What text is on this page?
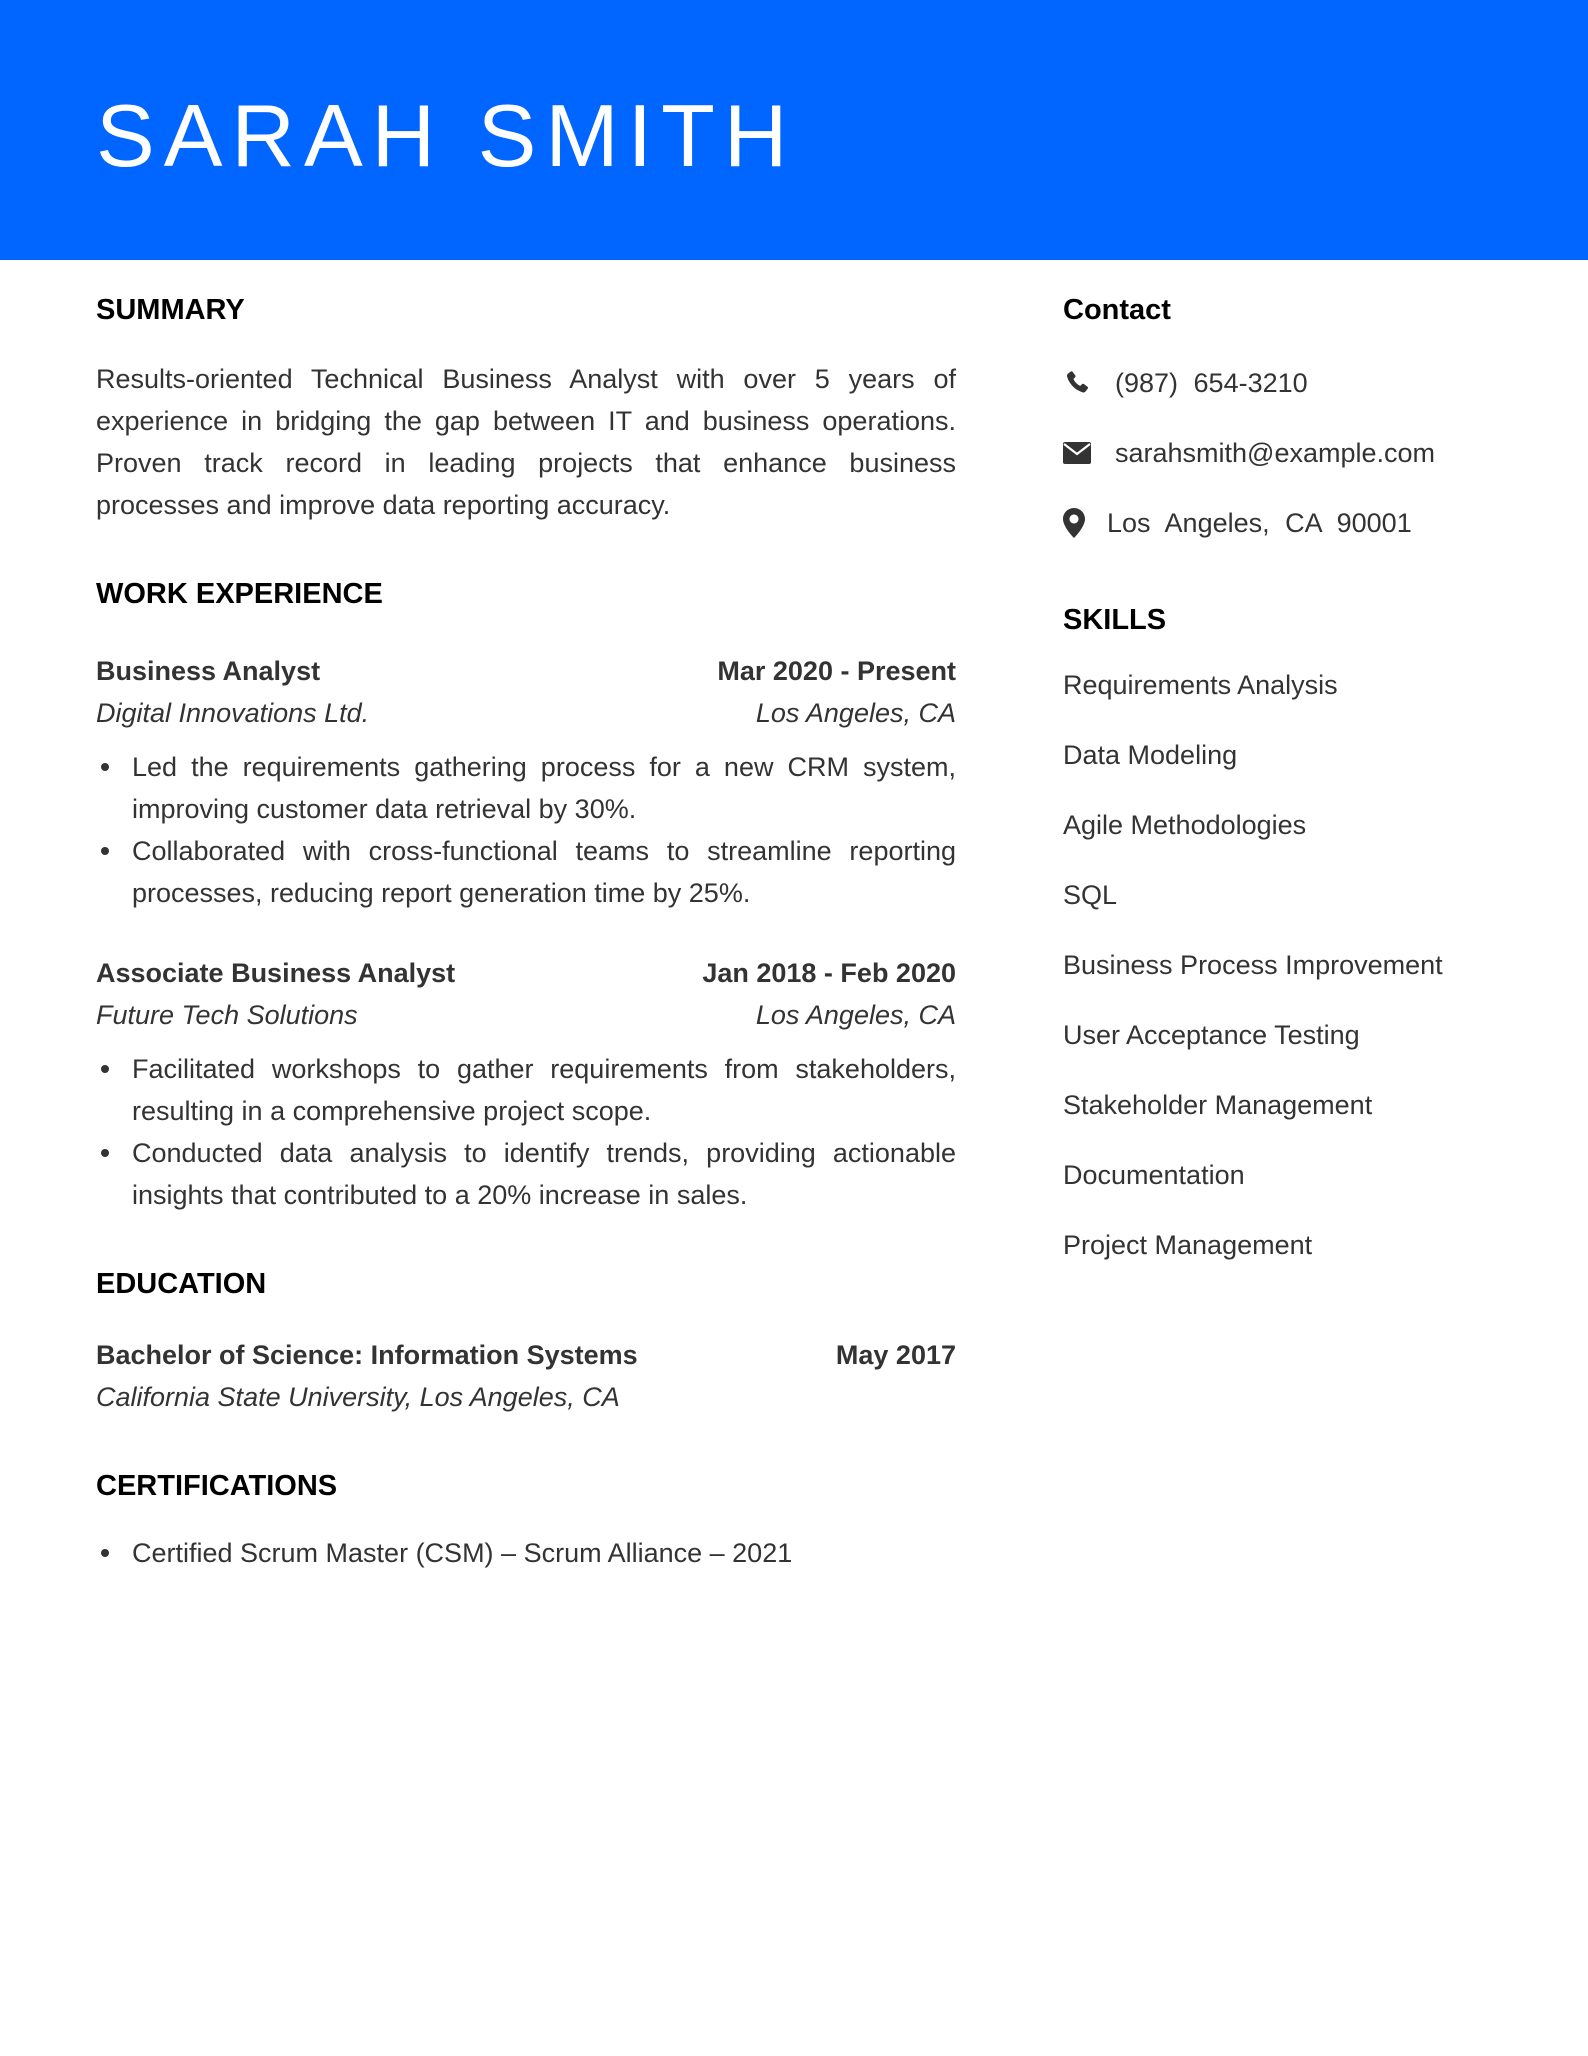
SARAH SMITH
SUMMARY

Results-oriented Technical Business Analyst with over 5 years of experience in bridging the gap between IT and business operations. Proven track record in leading projects that enhance business processes and improve data reporting accuracy.

WORK EXPERIENCE
Business Analyst	Mar 2020 - Present
Digital Innovations Ltd.	Los Angeles, CA
Led the requirements gathering process for a new CRM system, improving customer data retrieval by 30%.
Collaborated with cross-functional teams to streamline reporting processes, reducing report generation time by 25%.
Associate Business Analyst	Jan 2018 - Feb 2020
Future Tech Solutions	Los Angeles, CA
Facilitated workshops to gather requirements from stakeholders, resulting in a comprehensive project scope.
Conducted data analysis to identify trends, providing actionable insights that contributed to a 20% increase in sales.
EDUCATION
Bachelor of Science: Information Systems	May 2017
California State University, Los Angeles, CA
CERTIFICATIONS
Certified Scrum Master (CSM) – Scrum Alliance – 2021
Contact
(987) 654-3210
sarahsmith@example.com
Los Angeles, CA 90001
SKILLS
Requirements Analysis
Data Modeling
Agile Methodologies
SQL
Business Process Improvement
User Acceptance Testing
Stakeholder Management
Documentation
Project Management
